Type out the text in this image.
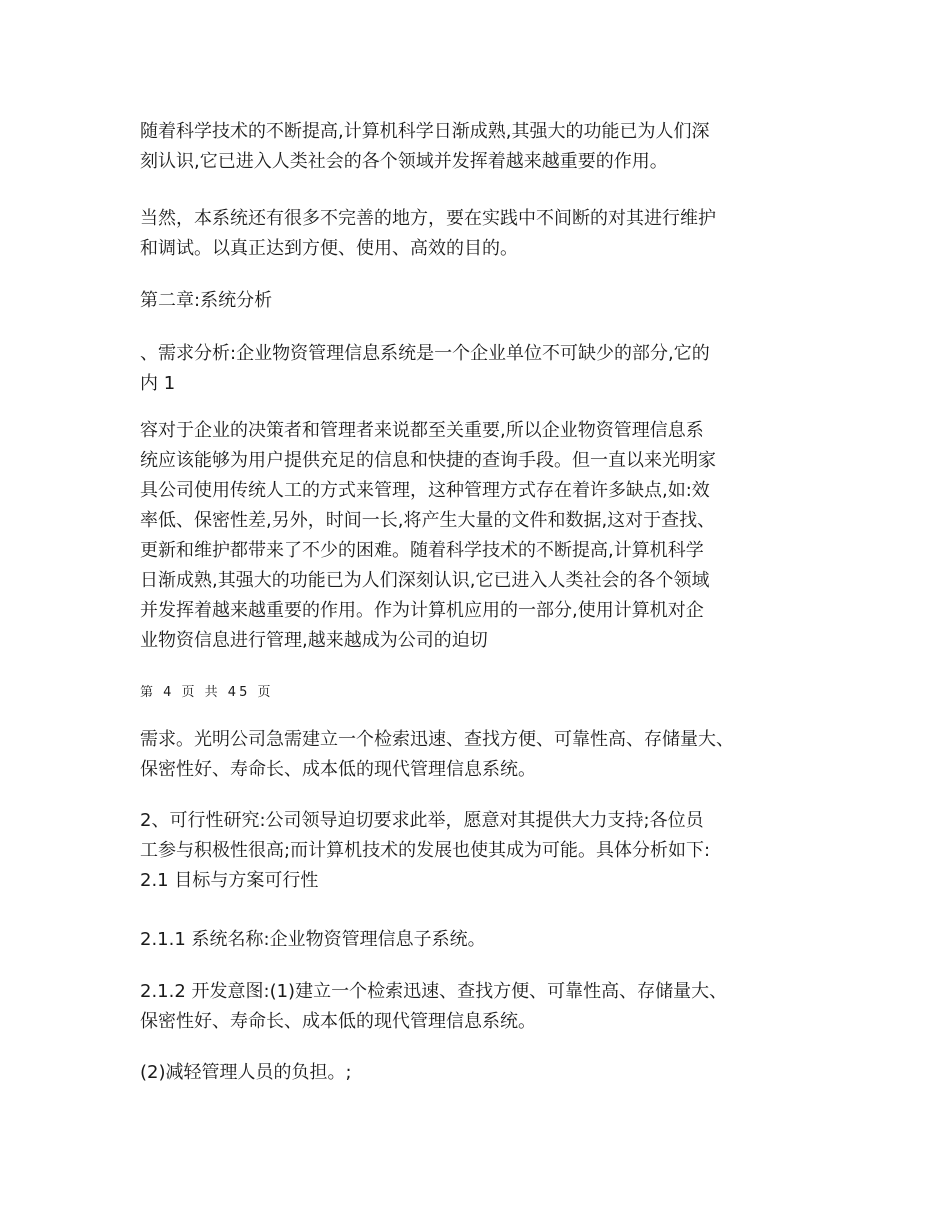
随着科学技术的不断提高,计算机科学日渐成熟,其强大的功能已为人们深
刻认识,它已进入人类社会的各个领域并发挥着越来越重要的作用。
当然，本系统还有很多不完善的地方，要在实践中不间断的对其进行维护
和调试。以真正达到方便、使用、高效的目的。
第二章:系统分析
、需求分析:企业物资管理信息系统是一个企业单位不可缺少的部分,它的
内 1
容对于企业的决策者和管理者来说都至关重要,所以企业物资管理信息系
统应该能够为用户提供充足的信息和快捷的查询手段。但一直以来光明家
具公司使用传统人工的方式来管理，这种管理方式存在着许多缺点,如:效
率低、保密性差,另外，时间一长,将产生大量的文件和数据,这对于查找、
更新和维护都带来了不少的困难。随着科学技术的不断提高,计算机科学
日渐成熟,其强大的功能已为人们深刻认识,它已进入人类社会的各个领域
并发挥着越来越重要的作用。作为计算机应用的一部分,使用计算机对企
业物资信息进行管理,越来越成为公司的迫切
第 4 页 共 45 页
需求。光明公司急需建立一个检索迅速、查找方便、可靠性高、存储量大、
保密性好、寿命长、成本低的现代管理信息系统。
2、可行性研究:公司领导迫切要求此举，愿意对其提供大力支持;各位员
工参与积极性很高;而计算机技术的发展也使其成为可能。具体分析如下:
2.1 目标与方案可行性
2.1.1 系统名称:企业物资管理信息子系统。
2.1.2 开发意图:(1)建立一个检索迅速、查找方便、可靠性高、存储量大、
保密性好、寿命长、成本低的现代管理信息系统。
(2)减轻管理人员的负担。;
